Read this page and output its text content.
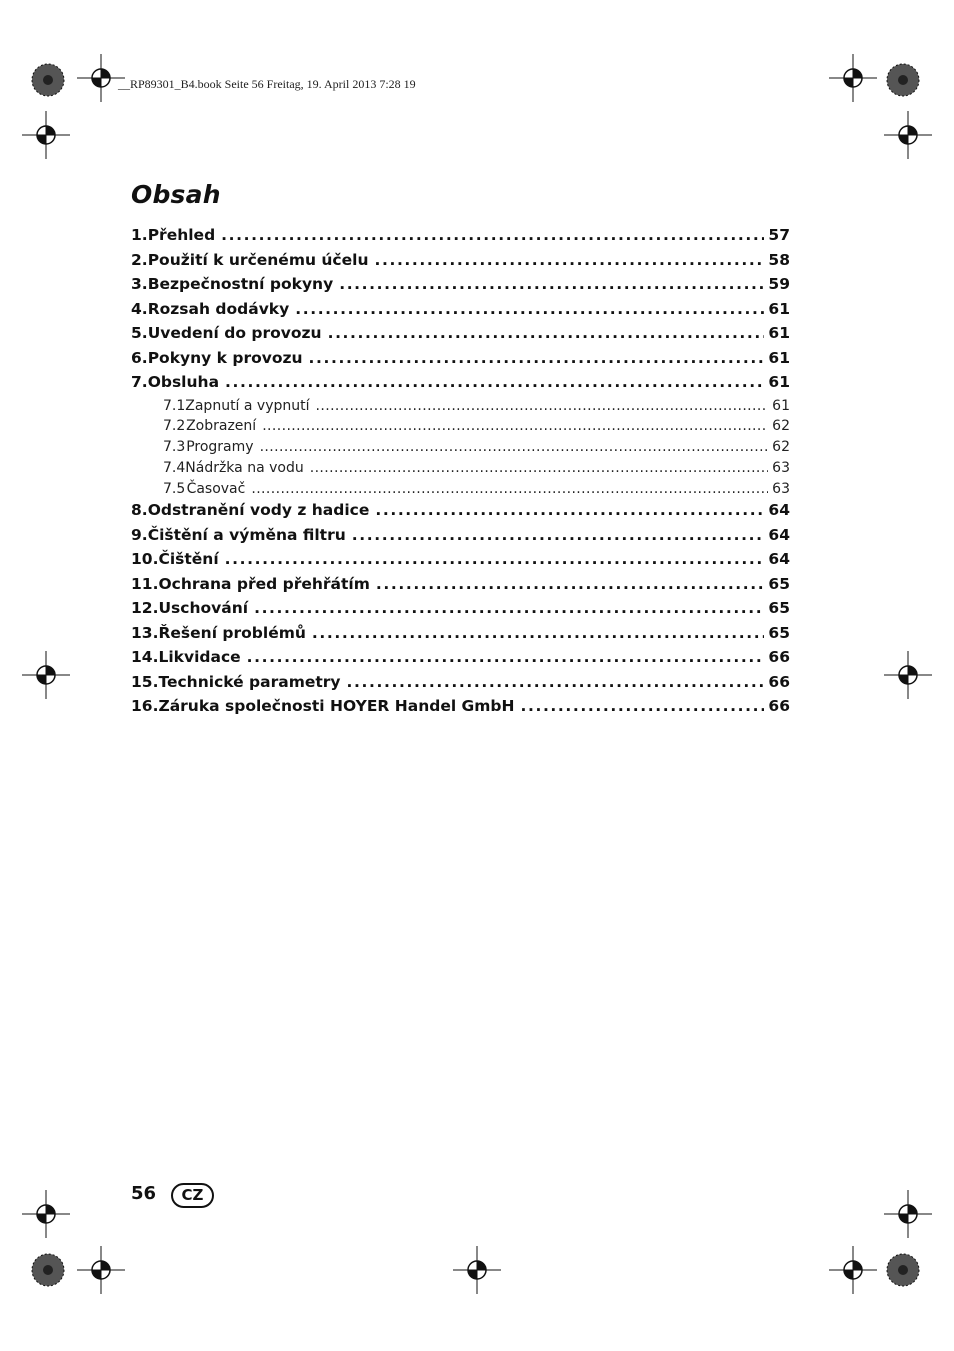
__RP89301_B4.book Seite 56 Freitag, 19. April 2013 7:28 19
Obsah
1. Přehled .....	57
2. Použití k určenému účelu .....	58
3. Bezpečnostní pokyny .....	59
4. Rozsah dodávky .....	61
5. Uvedení do provozu .....	61
6. Pokyny k provozu .....	61
7. Obsluha .....	61
7.1 Zapnutí a vypnutí .....	61
7.2 Zobrazení .....	62
7.3 Programy .....	62
7.4 Nádržka na vodu .....	63
7.5 Časovač .....	63
8. Odstranění vody z hadice .....	64
9. Čištění a výměna filtru .....	64
10. Čištění .....	64
11. Ochrana před přehřátím .....	65
12. Uschování .....	65
13. Řešení problémů .....	65
14. Likvidace .....	66
15. Technické parametry .....	66
16. Záruka společnosti HOYER Handel GmbH .....	66
56	CZ
